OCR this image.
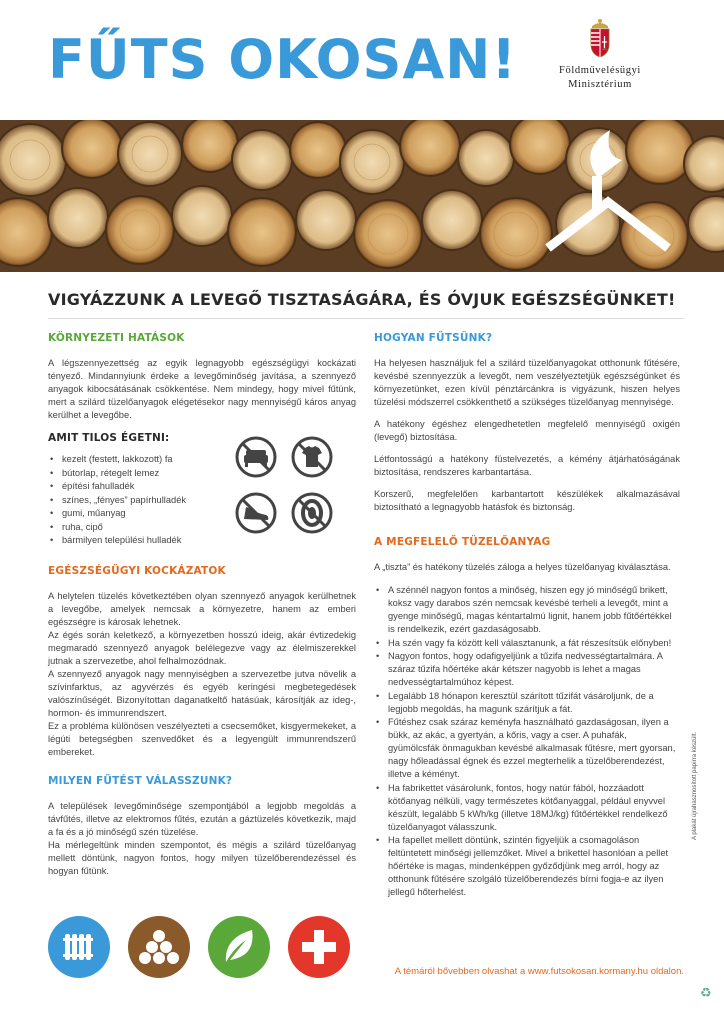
FŰTS OKOSAN!	Földművelésügyi
Minisztérium
VIGYÁZZUNK A LEVEGŐ TISZTASÁGÁRA, ÉS ÓVJUK EGÉSZSÉGÜNKET!
KÖRNYEZETI HATÁSOK

A légszennyezettség az egyik legnagyobb egészségügyi kockázati tényező. Mindannyiunk érdeke a levegőminőség javítása, a szennyező anyagok kibocsátásának csökkentése. Nem mindegy, hogy mivel fűtünk, mert a szilárd tüzelőanyagok elégetésekor nagy mennyiségű káros anyag kerülhet a levegőbe.

AMIT TILOS ÉGETNI:
• kezelt (festett, lakkozott) fa
• bútorlap, rétegelt lemez
• építési fahulladék
• színes, „fényes” papírhulladék
• gumi, műanyag
• ruha, cipő
• bármilyen települési hulladék
EGÉSZSÉGÜGYI KOCKÁZATOK

A helytelen tüzelés következtében olyan szennyező anyagok kerülhetnek a levegőbe, amelyek nemcsak a környezetre, hanem az emberi egészségre is károsak lehetnek.

Az égés során keletkező, a környezetben hosszú ideig, akár évtizedekig megmaradó szennyező anyagok belélegezve vagy az élelmiszerekkel jutnak a szervezetbe, ahol felhalmozódnak.

A szennyező anyagok nagy mennyiségben a szervezetbe jutva növelik a szívinfarktus, az agyvérzés és egyéb keringési megbetegedések valószínűségét. Bizonyítottan daganatkeltő hatásúak, károsítják az ideg-, hormon- és immunrendszert.

Ez a probléma különösen veszélyezteti a csecsemőket, kisgyermekeket, a légúti betegségben szenvedőket és a legyengült immunrendszerű embereket.

MILYEN FŰTÉST VÁLASSZUNK?

A települések levegőminősége szempontjából a legjobb megoldás a távfűtés, illetve az elektromos fűtés, ezután a gáztüzelés következik, majd a fa és a jó minőségű szén tüzelése.

Ha mérlegeltünk minden szempontot, és mégis a szilárd tüzelőanyag mellett döntünk, nagyon fontos, hogy milyen tüzelőberendezéssel és hogyan fűtünk.

HOGYAN FŰTSÜNK?

Ha helyesen használjuk fel a szilárd tüzelőanyagokat otthonunk fűtésére, kevésbé szennyezzük a levegőt, nem veszélyeztetjük egészségünket és környezetünket, ezen kívül pénztárcánkra is vigyázunk, hiszen helyes tüzelési módszerrel csökkenthető a szükséges tüzelőanyag mennyisége.

A hatékony égéshez elengedhetetlen megfelelő mennyiségű oxigén (levegő) biztosítása.

Létfontosságú a hatékony füstelvezetés, a kémény átjárhatóságának biztosítása, rendszeres karbantartása.

Korszerű, megfelelően karbantartott készülékek alkalmazásával biztosítható a legnagyobb hatásfok és biztonság.

A MEGFELELŐ TÜZELŐANYAG

A „tiszta” és hatékony tüzelés záloga a helyes tüzelőanyag kiválasztása.

• A szénnél nagyon fontos a minőség, hiszen egy jó minőségű brikett, koksz vagy darabos szén nemcsak kevésbé terheli a levegőt, mint a gyenge minőségű, magas kéntartalmú lignit, hanem jobb fűtőértékkel is rendelkezik, ezért gazdaságosabb.
• Ha szén vagy fa között kell választanunk, a fát részesítsük előnyben!
• Nagyon fontos, hogy odafigyeljünk a tűzifa nedvességtartalmára. A száraz tűzifa hőértéke akár kétszer nagyobb is lehet a magas nedvességtartalmúhoz képest.
• Legalább 18 hónapon keresztül szárított tűzifát vásároljunk, de a legjobb megoldás, ha magunk szárítjuk a fát.
• Fűtéshez csak száraz keményfa használható gazdaságosan, ilyen a bükk, az akác, a gyertyán, a kőris, vagy a cser. A puhafák, gyümölcsfák önmagukban kevésbé alkalmasak fűtésre, mert gyorsan, nagy hőleadással égnek és ezzel megterhelik a tüzelőberendezést, illetve a kéményt.
• Ha fabrikettet vásárolunk, fontos, hogy natúr fából, hozzáadott kötőanyag nélküli, vagy természetes kötőanyaggal, például enyvvel készült, legalább 5 kWh/kg (illetve 18MJ/kg) fűtőértékkel rendelkező tüzelőanyagot válasszunk.
• Ha fapellet mellett döntünk, szintén figyeljük a csomagoláson feltüntetett minőségi jellemzőket. Mivel a brikettel hasonlóan a pellet hőértéke is magas, mindenképpen győződjünk meg arról, hogy az otthonunk fűtésére szolgáló tüzelőberendezés bírni fogja-e az ilyen jellegű hőterhelést.
A témáról bővebben olvashat a www.futsokosan.kormany.hu oldalon.
A plakát újrahasznosított papírra készült.
♻
